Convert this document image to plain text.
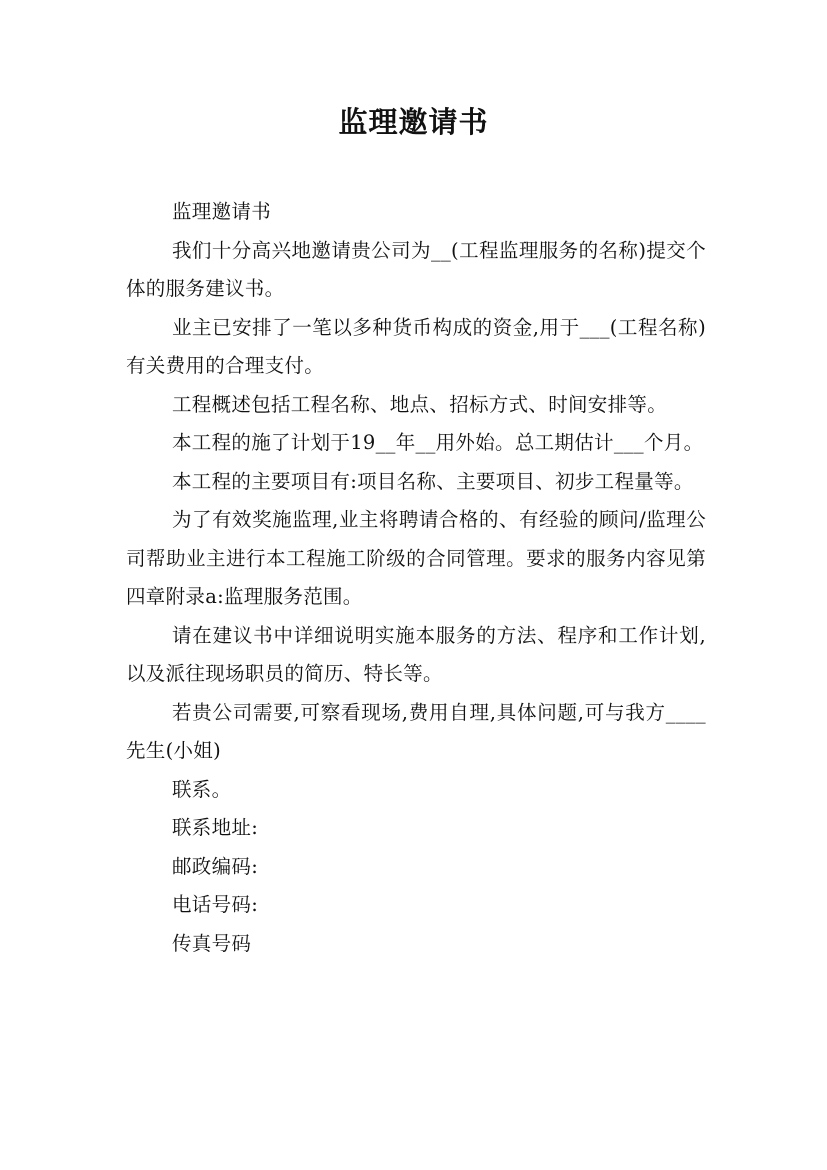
监理邀请书

监理邀请书

我们十分高兴地邀请贵公司为__(工程监理服务的名称)提交个体的服务建议书。

业主已安排了一笔以多种货币构成的资金,用于___(工程名称)有关费用的合理支付。

工程概述包括工程名称、地点、招标方式、时间安排等。

本工程的施了计划于19__年__用外始。总工期估计___个月。

本工程的主要项目有:项目名称、主要项目、初步工程量等。

为了有效奖施监理,业主将聘请合格的、有经验的顾问/监理公司帮助业主进行本工程施工阶级的合同管理。要求的服务内容见第四章附录a:监理服务范围。

请在建议书中详细说明实施本服务的方法、程序和工作计划,以及派往现场职员的简历、特长等。

若贵公司需要,可察看现场,费用自理,具体问题,可与我方____先生(小姐)

联系。

联系地址:

邮政编码:

电话号码:

传真号码
